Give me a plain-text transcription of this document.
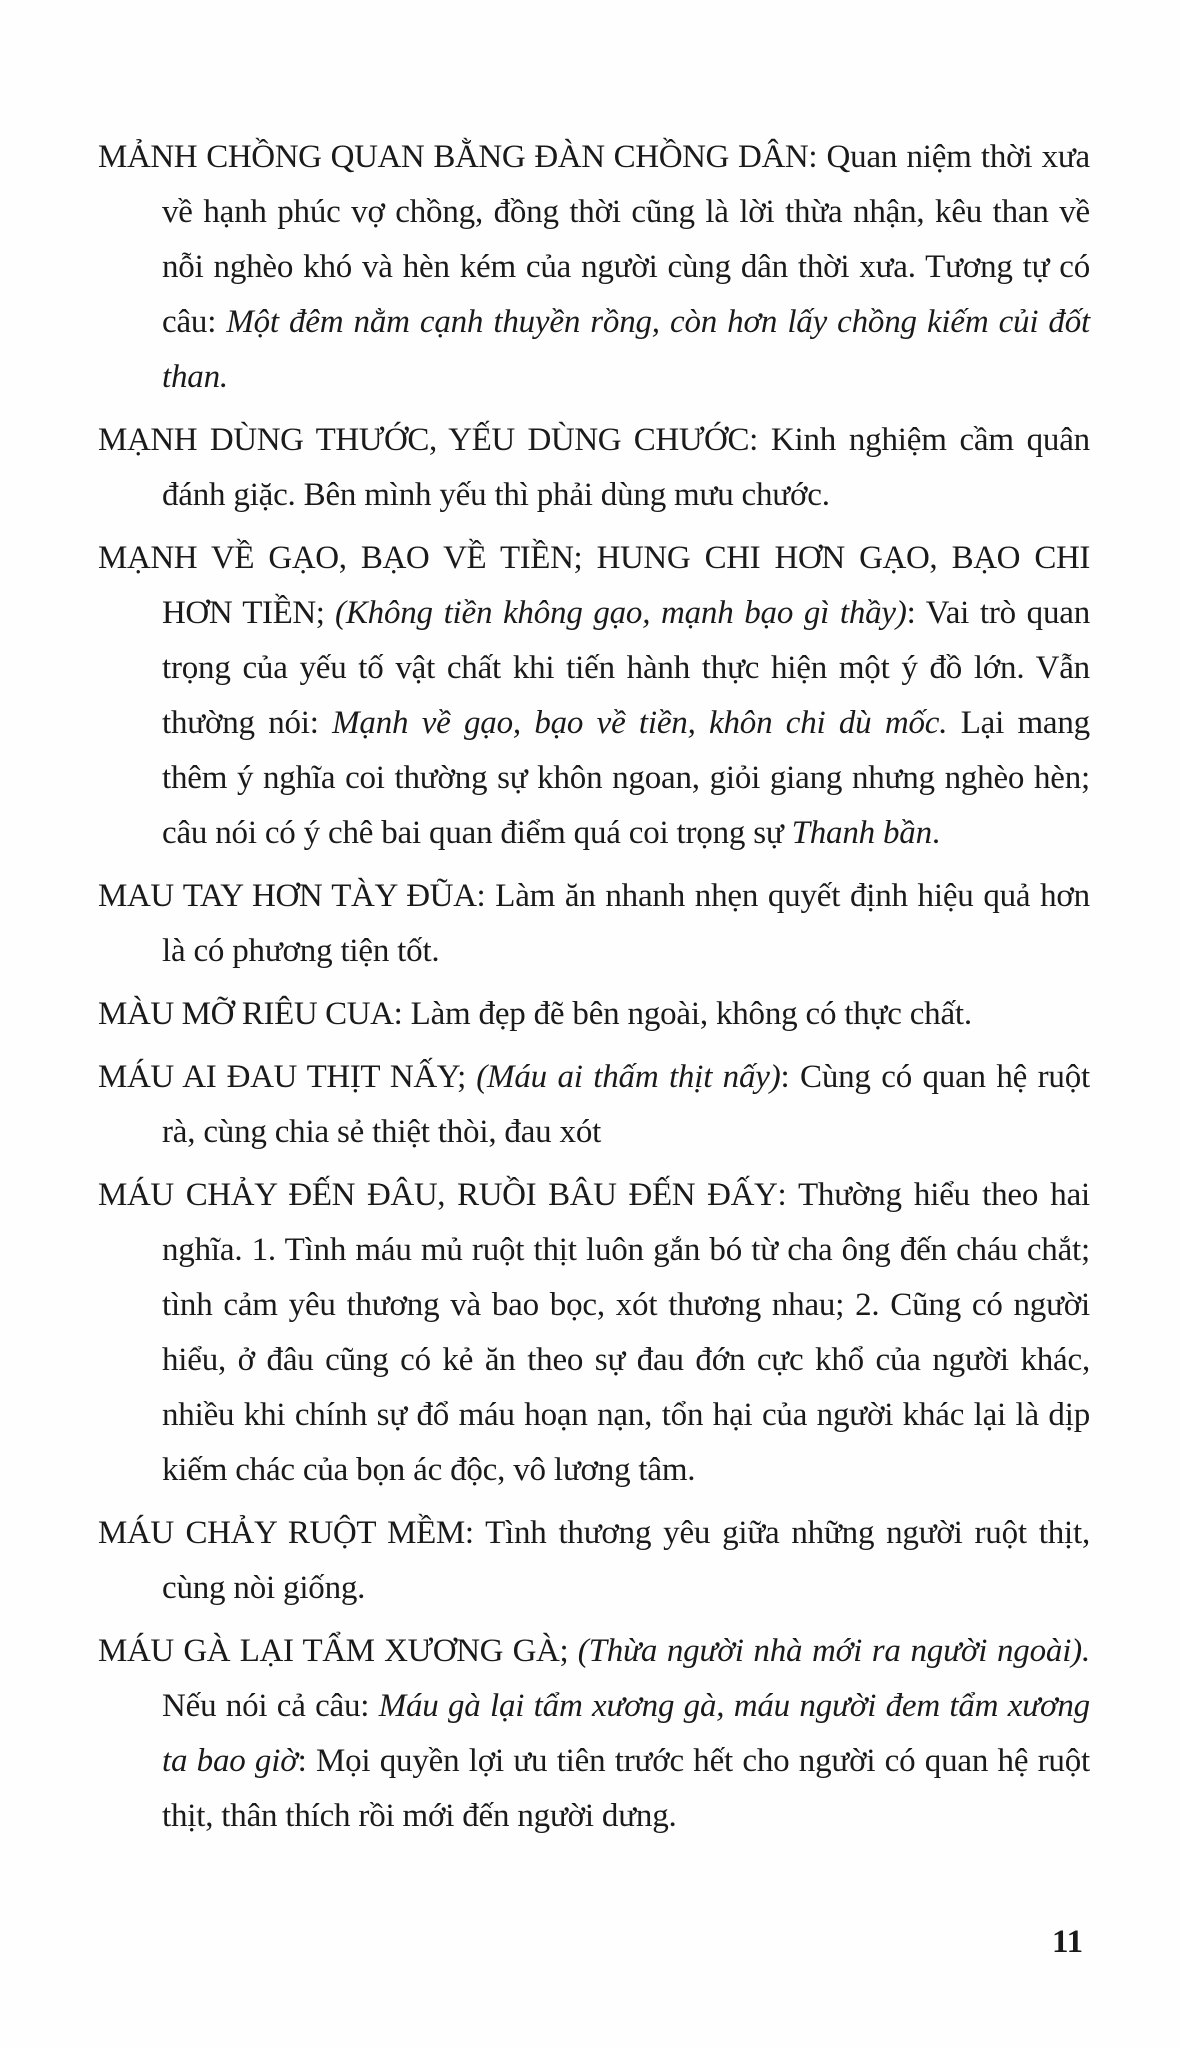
MẢNH CHỒNG QUAN BẰNG ĐÀN CHỒNG DÂN: Quan niệm thời xưa về hạnh phúc vợ chồng, đồng thời cũng là lời thừa nhận, kêu than về nỗi nghèo khó và hèn kém của người cùng dân thời xưa. Tương tự có câu: Một đêm nằm cạnh thuyền rồng, còn hơn lấy chồng kiếm củi đốt than.

MẠNH DÙNG THƯỚC, YẾU DÙNG CHƯỚC: Kinh nghiệm cầm quân đánh giặc. Bên mình yếu thì phải dùng mưu chước.

MẠNH VỀ GẠO, BẠO VỀ TIỀN; HUNG CHI HƠN GẠO, BẠO CHI HƠN TIỀN; (Không tiền không gạo, mạnh bạo gì thầy): Vai trò quan trọng của yếu tố vật chất khi tiến hành thực hiện một ý đồ lớn. Vẫn thường nói: Mạnh về gạo, bạo về tiền, khôn chi dù mốc. Lại mang thêm ý nghĩa coi thường sự khôn ngoan, giỏi giang nhưng nghèo hèn; câu nói có ý chê bai quan điểm quá coi trọng sự Thanh bần.

MAU TAY HƠN TÀY ĐŨA: Làm ăn nhanh nhẹn quyết định hiệu quả hơn là có phương tiện tốt.

MÀU MỠ RIÊU CUA: Làm đẹp đẽ bên ngoài, không có thực chất.

MÁU AI ĐAU THỊT NẤY; (Máu ai thấm thịt nấy): Cùng có quan hệ ruột rà, cùng chia sẻ thiệt thòi, đau xót

MÁU CHẢY ĐẾN ĐÂU, RUỒI BÂU ĐẾN ĐẤY: Thường hiểu theo hai nghĩa. 1. Tình máu mủ ruột thịt luôn gắn bó từ cha ông đến cháu chắt; tình cảm yêu thương và bao bọc, xót thương nhau; 2. Cũng có người hiểu, ở đâu cũng có kẻ ăn theo sự đau đớn cực khổ của người khác, nhiều khi chính sự đổ máu hoạn nạn, tổn hại của người khác lại là dịp kiếm chác của bọn ác độc, vô lương tâm.

MÁU CHẢY RUỘT MỀM: Tình thương yêu giữa những người ruột thịt, cùng nòi giống.

MÁU GÀ LẠI TẨM XƯƠNG GÀ; (Thừa người nhà mới ra người ngoài). Nếu nói cả câu: Máu gà lại tẩm xương gà, máu người đem tẩm xương ta bao giờ: Mọi quyền lợi ưu tiên trước hết cho người có quan hệ ruột thịt, thân thích rồi mới đến người dưng.

11
